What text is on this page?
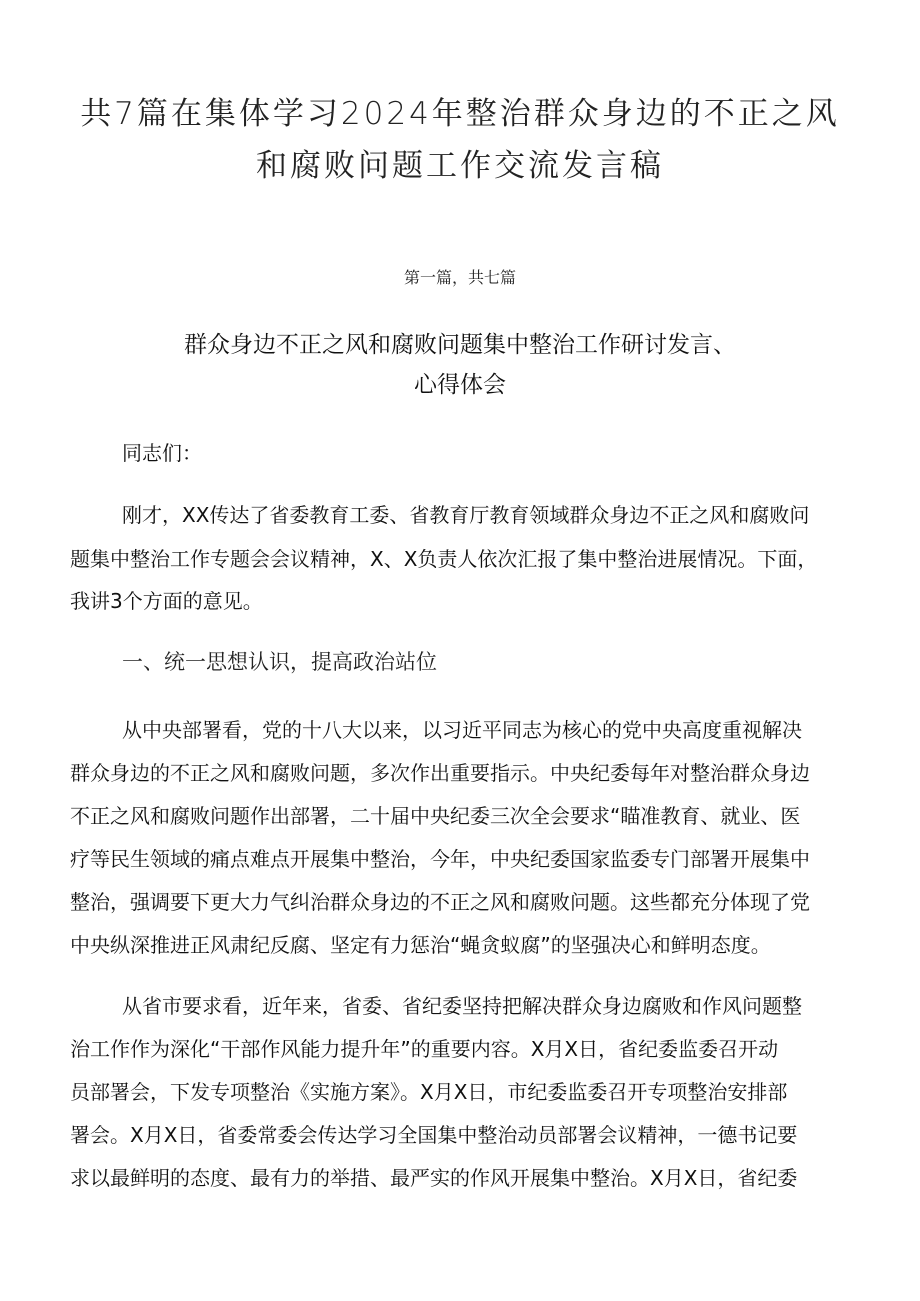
共7篇在集体学习2024年整治群众身边的不正之风
和腐败问题工作交流发言稿
第一篇，共七篇
群众身边不正之风和腐败问题集中整治工作研讨发言、
心得体会
同志们：
刚才，XX传达了省委教育工委、省教育厅教育领域群众身边不正之风和腐败问
题集中整治工作专题会会议精神，X、X负责人依次汇报了集中整治进展情况。下面，
我讲3个方面的意见。
一、统一思想认识，提高政治站位
从中央部署看，党的十八大以来，以习近平同志为核心的党中央高度重视解决
群众身边的不正之风和腐败问题，多次作出重要指示。中央纪委每年对整治群众身边
不正之风和腐败问题作出部署，二十届中央纪委三次全会要求“瞄准教育、就业、医
疗等民生领域的痛点难点开展集中整治，今年，中央纪委国家监委专门部署开展集中
整治，强调要下更大力气纠治群众身边的不正之风和腐败问题。这些都充分体现了党
中央纵深推进正风肃纪反腐、坚定有力惩治“蝇贪蚁腐”的坚强决心和鲜明态度。
从省市要求看，近年来，省委、省纪委坚持把解决群众身边腐败和作风问题整
治工作作为深化“干部作风能力提升年”的重要内容。X月X日，省纪委监委召开动
员部署会，下发专项整治《实施方案》。X月X日，市纪委监委召开专项整治安排部
署会。X月X日，省委常委会传达学习全国集中整治动员部署会议精神，一德书记要
求以最鲜明的态度、最有力的举措、最严实的作风开展集中整治。X月X日，省纪委
